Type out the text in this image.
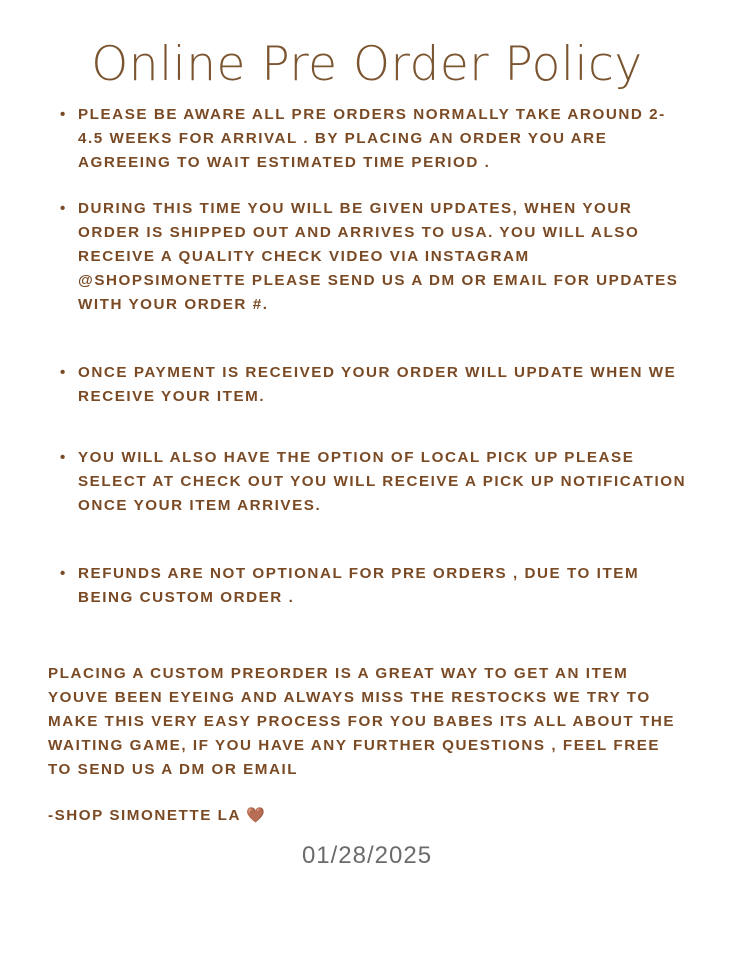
Online Pre Order Policy
• PLEASE BE AWARE ALL PRE ORDERS NORMALLY TAKE AROUND 2-4.5 WEEKS FOR ARRIVAL . BY PLACING AN ORDER YOU ARE AGREEING TO WAIT ESTIMATED TIME PERIOD .
• DURING THIS TIME YOU WILL BE GIVEN UPDATES, WHEN YOUR ORDER IS SHIPPED OUT AND ARRIVES TO USA. YOU WILL ALSO RECEIVE A QUALITY CHECK VIDEO VIA INSTAGRAM @SHOPSIMONETTE PLEASE SEND US A DM OR EMAIL FOR UPDATES WITH YOUR ORDER #.
• ONCE PAYMENT IS RECEIVED YOUR ORDER WILL UPDATE WHEN WE RECEIVE YOUR ITEM.
• YOU WILL ALSO HAVE THE OPTION OF LOCAL PICK UP PLEASE SELECT AT CHECK OUT YOU WILL RECEIVE A PICK UP NOTIFICATION ONCE YOUR ITEM ARRIVES.
• REFUNDS ARE NOT OPTIONAL FOR PRE ORDERS , DUE TO ITEM BEING CUSTOM ORDER .

PLACING A CUSTOM PREORDER IS A GREAT WAY TO GET AN ITEM YOUVE BEEN EYEING AND ALWAYS MISS THE RESTOCKS WE TRY TO MAKE THIS VERY EASY PROCESS FOR YOU BABES ITS ALL ABOUT THE WAITING GAME, IF YOU HAVE ANY FURTHER QUESTIONS , FEEL FREE TO SEND US A DM OR EMAIL

-SHOP SIMONETTE LA 🤎

01/28/2025
